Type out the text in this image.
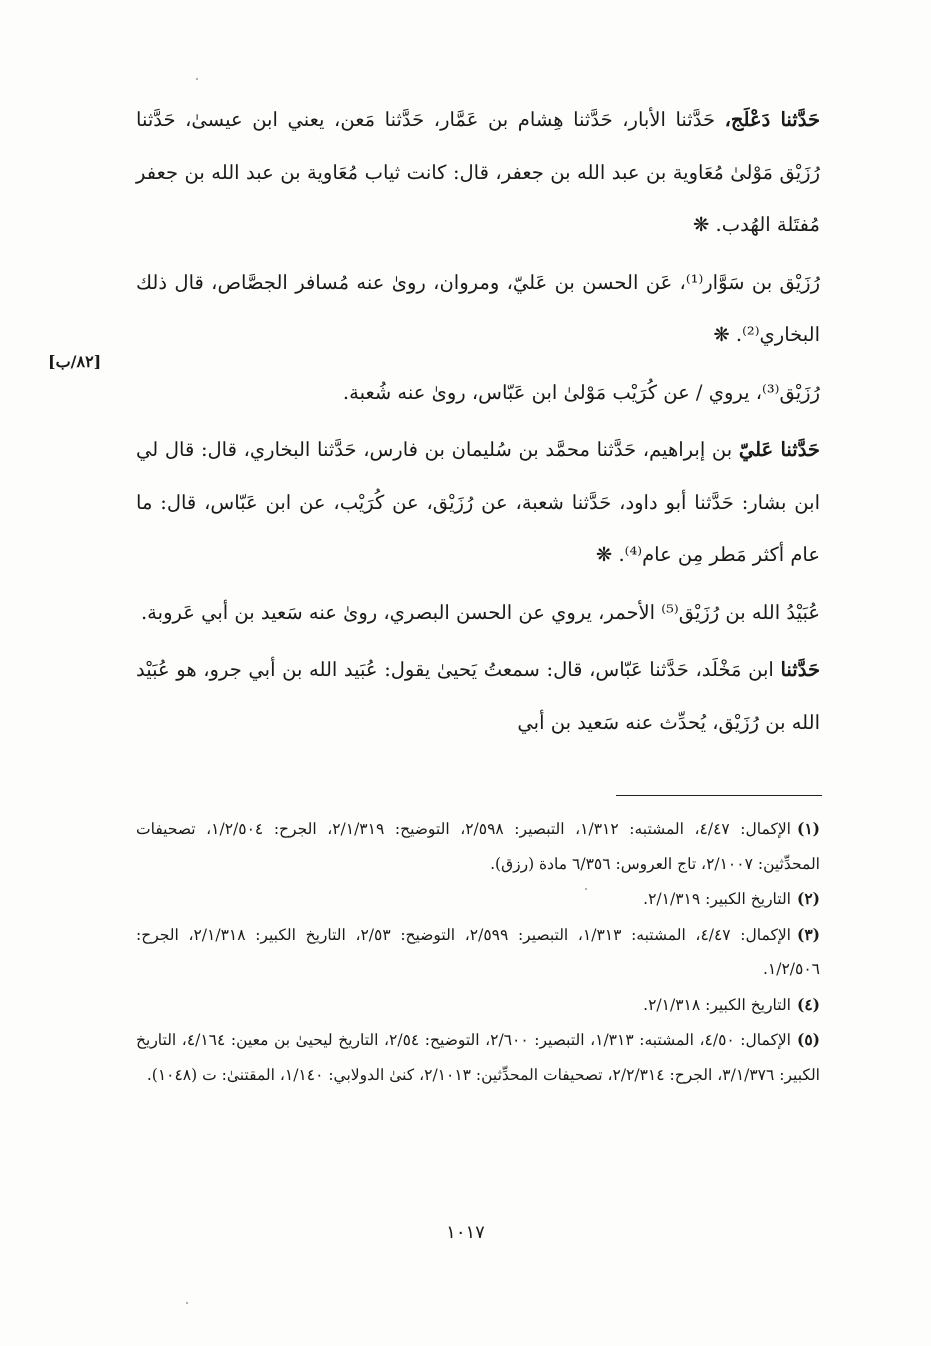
[٨٢/ب]

حَدَّثنا دَعْلَج، حَدَّثنا الأبار، حَدَّثنا هِشام بن عَمَّار، حَدَّثنا مَعن، يعني ابن عيسىٰ، حَدَّثنا رُزَيْق مَوْلىٰ مُعَاوية بن عبد الله بن جعفر، قال: كانت ثياب مُعَاوية بن عبد الله بن جعفر مُفتَلة الهُدب. ❋

رُزَيْق بن سَوَّار⁽¹⁾، عَن الحسن بن عَليّ، ومروان، روىٰ عنه مُسافر الجصَّاص، قال ذلك البخاري⁽²⁾. ❋

رُزَيْق⁽³⁾، يروي / عن كُرَيْب مَوْلىٰ ابن عَبّاس، روىٰ عنه شُعبة.

حَدَّثنا عَليّ بن إبراهيم، حَدَّثنا محمَّد بن سُليمان بن فارس، حَدَّثنا البخاري، قال: قال لي ابن بشار: حَدَّثنا أبو داود، حَدَّثنا شعبة، عن رُزَيْق، عن كُرَيْب، عن ابن عَبّاس، قال: ما عام أكثر مَطر مِن عام⁽⁴⁾. ❋

عُبَيْدُ الله بن رُزَيْق⁽⁵⁾ الأحمر، يروي عن الحسن البصري، روىٰ عنه سَعيد بن أبي عَروبة.

حَدَّثنا ابن مَخْلَد، حَدَّثنا عَبّاس، قال: سمعتُ يَحيىٰ يقول: عُبَيد الله بن أبي جرو، هو عُبَيْد الله بن رُزَيْق، يُحدِّث عنه سَعيد بن أبي

(١)الإكمال: ٤/٤٧، المشتبه: ١/٣١٢، التبصير: ٢/٥٩٨، التوضيح: ٢/١/٣١٩، الجرح: ١/٢/٥٠٤، تصحيفات المحدِّثين: ٢/١٠٠٧، تاج العروس: ٦/٣٥٦ مادة (رزق).

(٢)التاريخ الكبير: ٢/١/٣١٩.

(٣)الإكمال: ٤/٤٧، المشتبه: ١/٣١٣، التبصير: ٢/٥٩٩، التوضيح: ٢/٥٣، التاريخ الكبير: ٢/١/٣١٨، الجرح: ١/٢/٥٠٦.

(٤)التاريخ الكبير: ٢/١/٣١٨.

(٥)الإكمال: ٤/٥٠، المشتبه: ١/٣١٣، التبصير: ٢/٦٠٠، التوضيح: ٢/٥٤، التاريخ ليحيىٰ بن معين: ٤/١٦٤، التاريخ الكبير: ٣/١/٣٧٦، الجرح: ٢/٢/٣١٤، تصحيفات المحدِّثين: ٢/١٠١٣، كنىٰ الدولابي: ١/١٤٠، المقتنىٰ: ت (١٠٤٨).

١٠١٧
